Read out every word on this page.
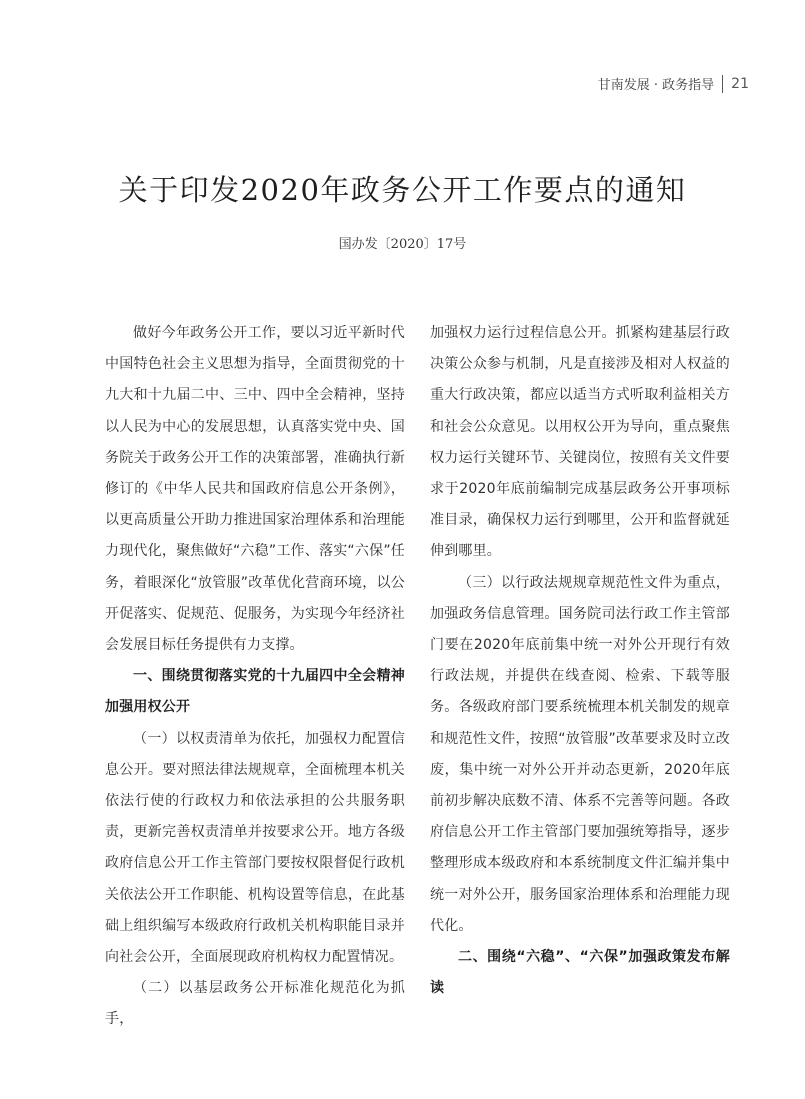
甘南发展 · 政务指导 21
关于印发2020年政务公开工作要点的通知
国办发〔2020〕17号

做好今年政务公开工作，要以习近平新时代中国特色社会主义思想为指导，全面贯彻党的十九大和十九届二中、三中、四中全会精神，坚持以人民为中心的发展思想，认真落实党中央、国务院关于政务公开工作的决策部署，准确执行新修订的《中华人民共和国政府信息公开条例》，以更高质量公开助力推进国家治理体系和治理能力现代化，聚焦做好“六稳”工作、落实“六保”任务，着眼深化“放管服”改革优化营商环境，以公开促落实、促规范、促服务，为实现今年经济社会发展目标任务提供有力支撑。

一、围绕贯彻落实党的十九届四中全会精神加强用权公开

（一）以权责清单为依托，加强权力配置信息公开。要对照法律法规规章，全面梳理本机关依法行使的行政权力和依法承担的公共服务职责，更新完善权责清单并按要求公开。地方各级政府信息公开工作主管部门要按权限督促行政机关依法公开工作职能、机构设置等信息，在此基础上组织编写本级政府行政机关机构职能目录并向社会公开，全面展现政府机构权力配置情况。

（二）以基层政务公开标准化规范化为抓手，

加强权力运行过程信息公开。抓紧构建基层行政决策公众参与机制，凡是直接涉及相对人权益的重大行政决策，都应以适当方式听取利益相关方和社会公众意见。以用权公开为导向，重点聚焦权力运行关键环节、关键岗位，按照有关文件要求于2020年底前编制完成基层政务公开事项标准目录，确保权力运行到哪里，公开和监督就延伸到哪里。

（三）以行政法规规章规范性文件为重点，加强政务信息管理。国务院司法行政工作主管部门要在2020年底前集中统一对外公开现行有效行政法规，并提供在线查阅、检索、下载等服务。各级政府部门要系统梳理本机关制发的规章和规范性文件，按照“放管服”改革要求及时立改废，集中统一对外公开并动态更新，2020年底前初步解决底数不清、体系不完善等问题。各政府信息公开工作主管部门要加强统筹指导，逐步整理形成本级政府和本系统制度文件汇编并集中统一对外公开，服务国家治理体系和治理能力现代化。

二、围绕“六稳”、“六保”加强政策发布解读
